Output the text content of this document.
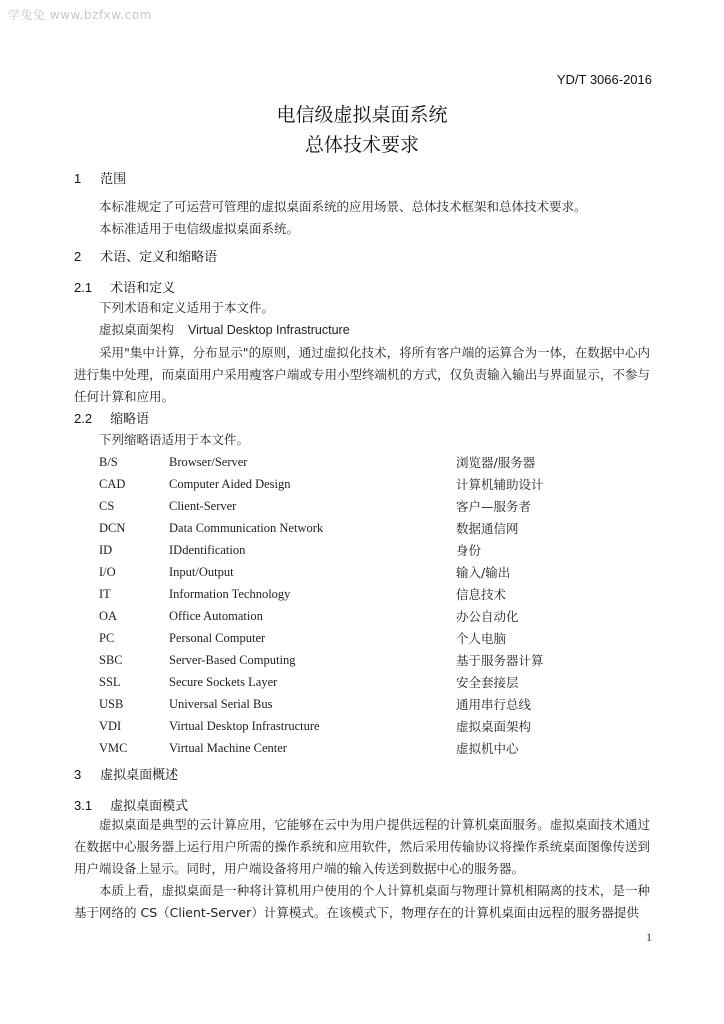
学兔兔 www.bzfxw.com
YD/T 3066-2016
电信级虚拟桌面系统
总体技术要求
1 范围

本标准规定了可运营可管理的虚拟桌面系统的应用场景、总体技术框架和总体技术要求。

本标准适用于电信级虚拟桌面系统。

2 术语、定义和缩略语
2.1 术语和定义
下列术语和定义适用于本文件。
虚拟桌面架构 Virtual Desktop Infrastructure

采用"集中计算，分布显示"的原则，通过虚拟化技术，将所有客户端的运算合为一体，在数据中心内进行集中处理，而桌面用户采用瘦客户端或专用小型终端机的方式，仅负责输入输出与界面显示，不参与任何计算和应用。

2.2 缩略语
下列缩略语适用于本文件。
B/S	Browser/Server	浏览器/服务器
CAD	Computer Aided Design	计算机辅助设计
CS	Client-Server	客户—服务者
DCN	Data Communication Network	数据通信网
ID	IDdentification	身份
I/O	Input/Output	输入/输出
IT	Information Technology	信息技术
OA	Office Automation	办公自动化
PC	Personal Computer	个人电脑
SBC	Server-Based Computing	基于服务器计算
SSL	Secure Sockets Layer	安全套接层
USB	Universal Serial Bus	通用串行总线
VDI	Virtual Desktop Infrastructure	虚拟桌面架构
VMC	Virtual Machine Center	虚拟机中心
3 虚拟桌面概述
3.1 虚拟桌面模式

虚拟桌面是典型的云计算应用，它能够在云中为用户提供远程的计算机桌面服务。虚拟桌面技术通过在数据中心服务器上运行用户所需的操作系统和应用软件，然后采用传输协议将操作系统桌面图像传送到用户端设备上显示。同时，用户端设备将用户端的输入传送到数据中心的服务器。

本质上看，虚拟桌面是一种将计算机用户使用的个人计算机桌面与物理计算机相隔离的技术，是一种基于网络的 CS（Client-Server）计算模式。在该模式下，物理存在的计算机桌面由远程的服务器提供

1
